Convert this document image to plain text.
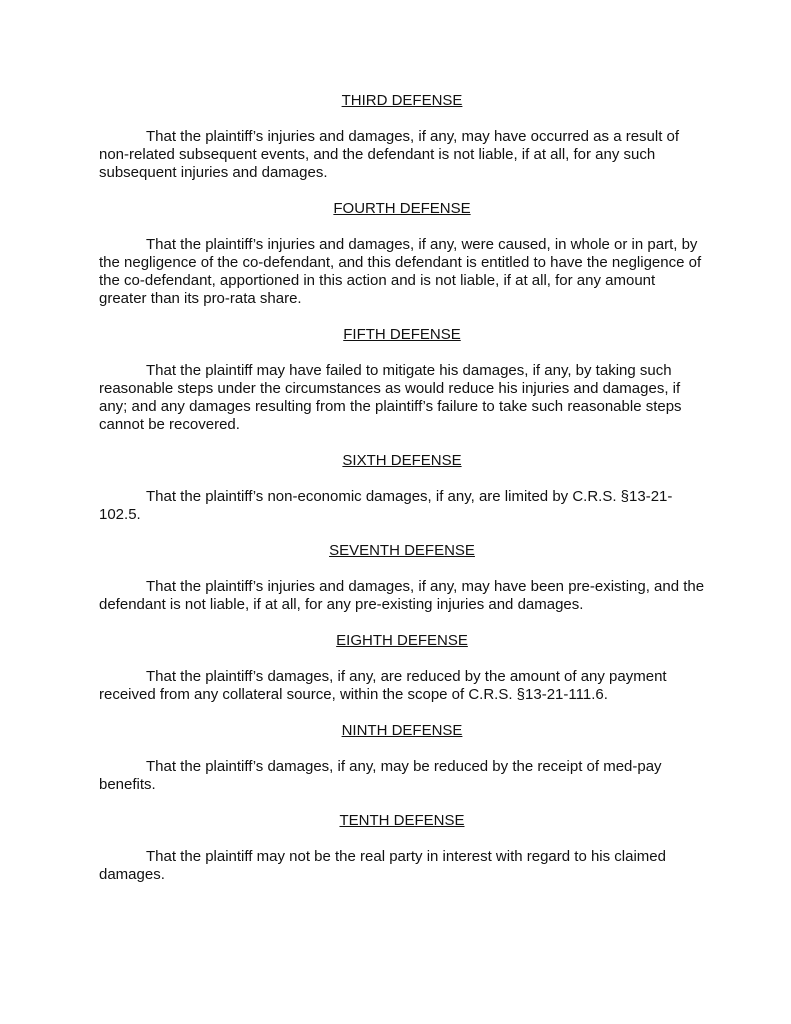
THIRD DEFENSE

That the plaintiff’s injuries and damages, if any, may have occurred as a result of non-related subsequent events, and the defendant is not liable, if at all, for any such subsequent injuries and damages.

FOURTH DEFENSE

That the plaintiff’s injuries and damages, if any, were caused, in whole or in part, by the negligence of the co-defendant, and this defendant is entitled to have the negligence of the co-defendant, apportioned in this action and is not liable, if at all, for any amount greater than its pro-rata share.

FIFTH DEFENSE

That the plaintiff may have failed to mitigate his damages, if any, by taking such reasonable steps under the circumstances as would reduce his injuries and damages, if any; and any damages resulting from the plaintiff’s failure to take such reasonable steps cannot be recovered.

SIXTH DEFENSE

That the plaintiff’s non-economic damages, if any, are limited by C.R.S. §13-21-102.5.

SEVENTH DEFENSE

That the plaintiff’s injuries and damages, if any, may have been pre-existing, and the defendant is not liable, if at all, for any pre-existing injuries and damages.

EIGHTH DEFENSE

That the plaintiff’s damages, if any, are reduced by the amount of any payment received from any collateral source, within the scope of C.R.S. §13-21-111.6.

NINTH DEFENSE

That the plaintiff’s damages, if any, may be reduced by the receipt of med-pay benefits.

TENTH DEFENSE

That the plaintiff may not be the real party in interest with regard to his claimed damages.
